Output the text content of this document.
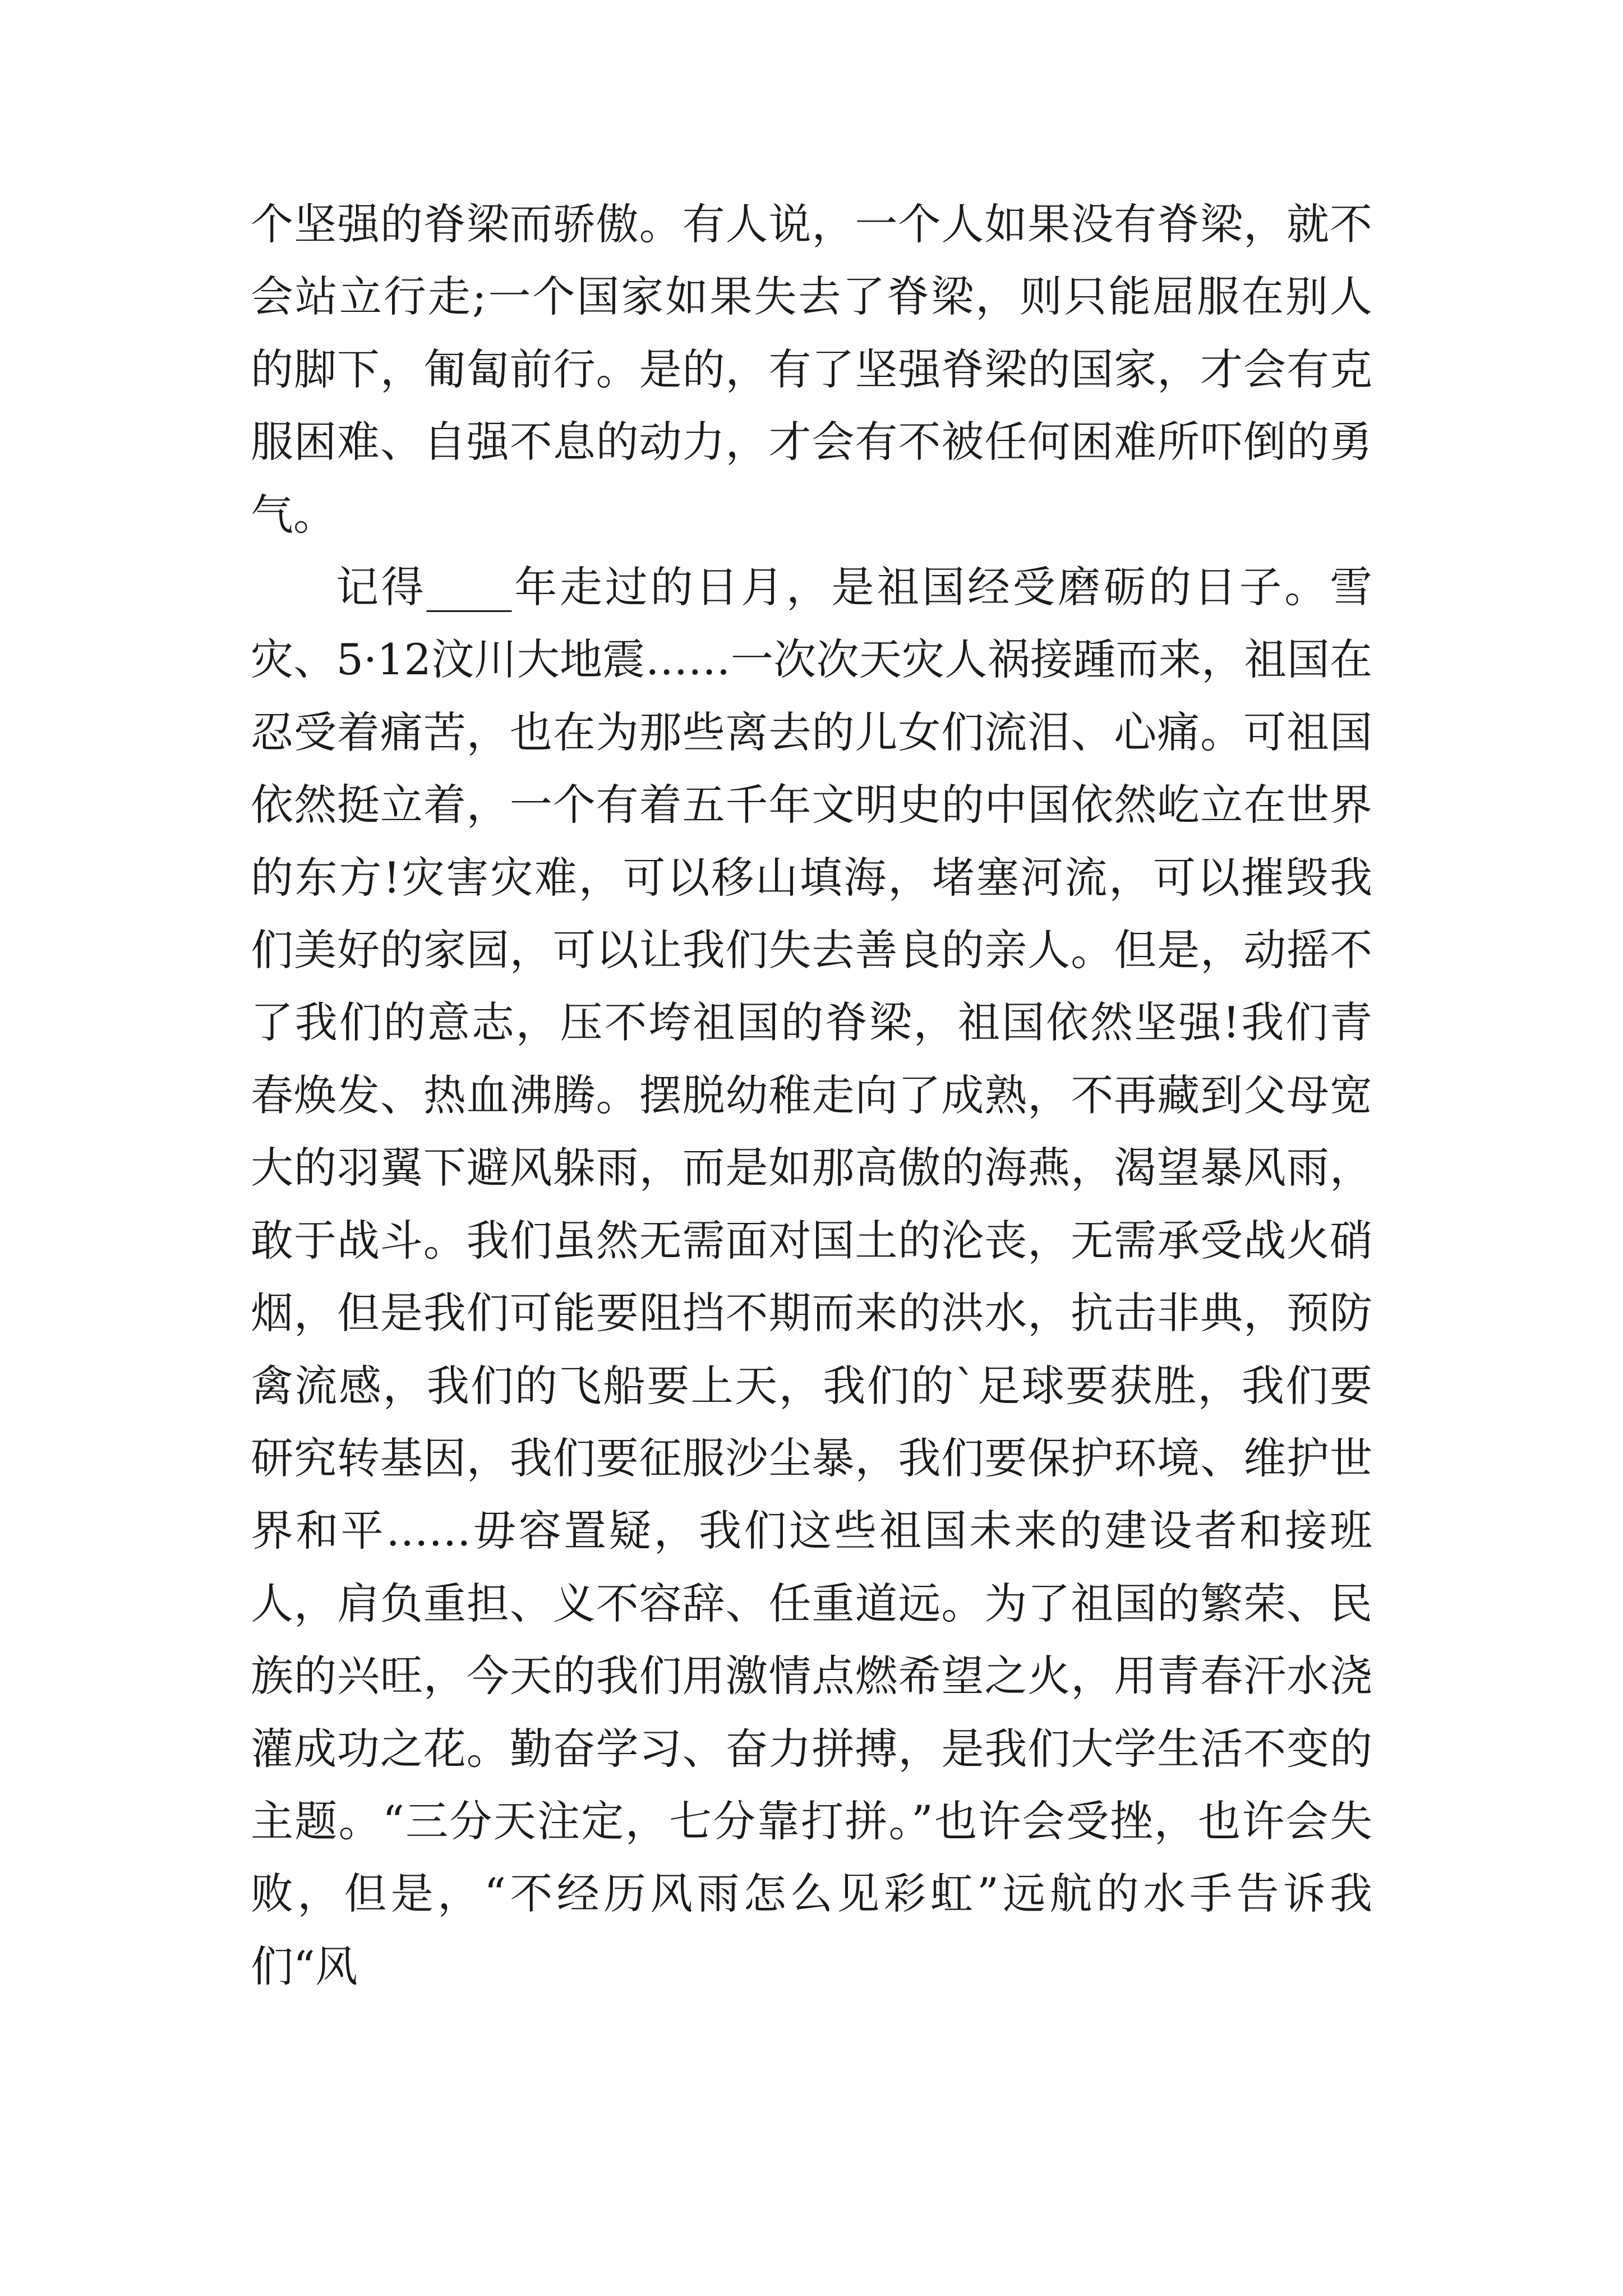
个坚强的脊梁而骄傲。有人说，一个人如果没有脊梁，就不会站立行走;一个国家如果失去了脊梁，则只能屈服在别人的脚下，匍匐前行。是的，有了坚强脊梁的国家，才会有克服困难、自强不息的动力，才会有不被任何困难所吓倒的勇气。

记得____年走过的日月，是祖国经受磨砺的日子。雪灾、5·12汶川大地震……一次次天灾人祸接踵而来，祖国在忍受着痛苦，也在为那些离去的儿女们流泪、心痛。可祖国依然挺立着，一个有着五千年文明史的中国依然屹立在世界的东方!灾害灾难，可以移山填海，堵塞河流，可以摧毁我们美好的家园，可以让我们失去善良的亲人。但是，动摇不了我们的意志，压不垮祖国的脊梁，祖国依然坚强!我们青春焕发、热血沸腾。摆脱幼稚走向了成熟，不再藏到父母宽大的羽翼下避风躲雨，而是如那高傲的海燕，渴望暴风雨，敢于战斗。我们虽然无需面对国土的沦丧，无需承受战火硝烟，但是我们可能要阻挡不期而来的洪水，抗击非典，预防禽流感，我们的飞船要上天，我们的`足球要获胜，我们要研究转基因，我们要征服沙尘暴，我们要保护环境、维护世界和平……毋容置疑，我们这些祖国未来的建设者和接班人，肩负重担、义不容辞、任重道远。为了祖国的繁荣、民族的兴旺，今天的我们用激情点燃希望之火，用青春汗水浇灌成功之花。勤奋学习、奋力拼搏，是我们大学生活不变的主题。“三分天注定，七分靠打拼。”也许会受挫，也许会失败，但是，“不经历风雨怎么见彩虹”远航的水手告诉我们“风
